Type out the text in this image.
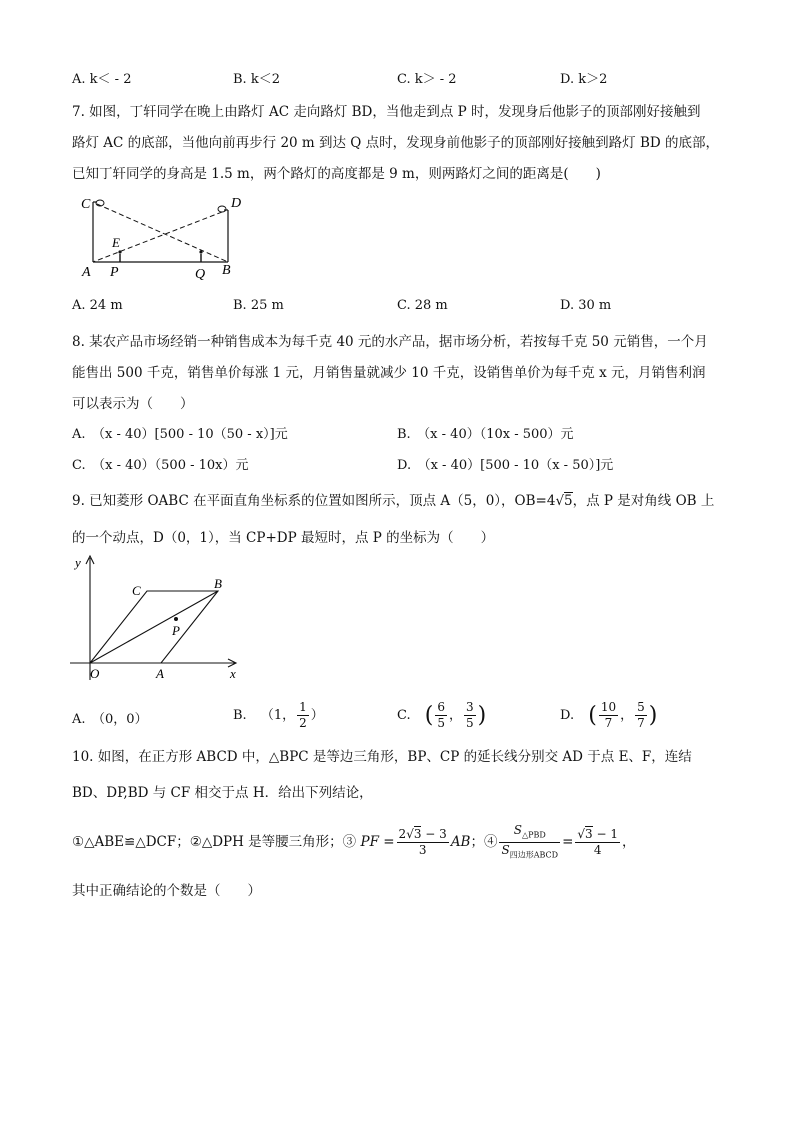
A. k＜ - 2	B. k＜2	C. k＞ - 2	D. k＞2
7. 如图，丁轩同学在晚上由路灯 AC 走向路灯 BD，当他走到点 P 时，发现身后他影子的顶部刚好接触到
路灯 AC 的底部，当他向前再步行 20 m 到达 Q 点时，发现身前他影子的顶部刚好接触到路灯 BD 的底部，
已知丁轩同学的身高是 1.5 m，两个路灯的高度都是 9 m，则两路灯之间的距离是(　　)
C	D
E
A P	Q B
A. 24 m	B. 25 m	C. 28 m	D. 30 m
8. 某农产品市场经销一种销售成本为每千克 40 元的水产品，据市场分析，若按每千克 50 元销售，一个月
能售出 500 千克，销售单价每涨 1 元，月销售量就减少 10 千克，设销售单价为每千克 x 元，月销售利润
可以表示为（　　）
A.　（x - 40）[500 - 10（50 - x）]元	B.　（x - 40）（10x - 500）元
C.　（x - 40）（500 - 10x）元	D.　（x - 40）[500 - 10（x - 50）]元
9. 已知菱形 OABC 在平面直角坐标系的位置如图所示，顶点 A（5，0），OB=4√5，点 P 是对角线 OB 上
的一个动点，D（0，1），当 CP+DP 最短时，点 P 的坐标为（　　）
y
x
O	A
B
C
P
A.　（0，0）	B. （1， $\frac{1}{2}$ ）	C. ( $\frac{6}{5}$ ， $\frac{3}{5}$ )	D. ( $\frac{10}{7}$ ， $\frac{5}{7}$ )
10. 如图，在正方形 ABCD 中，△BPC 是等边三角形，BP、CP 的延长线分别交 AD 于点 E、F，连结
BD、DP,BD 与 CF 相交于点 H．给出下列结论，
①△ABE≌△DCF；②△DPH 是等腰三角形；③ PF = $\frac{2√3 - 3}{3}$ AB；④ $\frac{S_{\triangle PBD}}{S_{四边形ABCD}} = \frac{√3 - 1}{4}$ ，
其中正确结论的个数是（　　）
